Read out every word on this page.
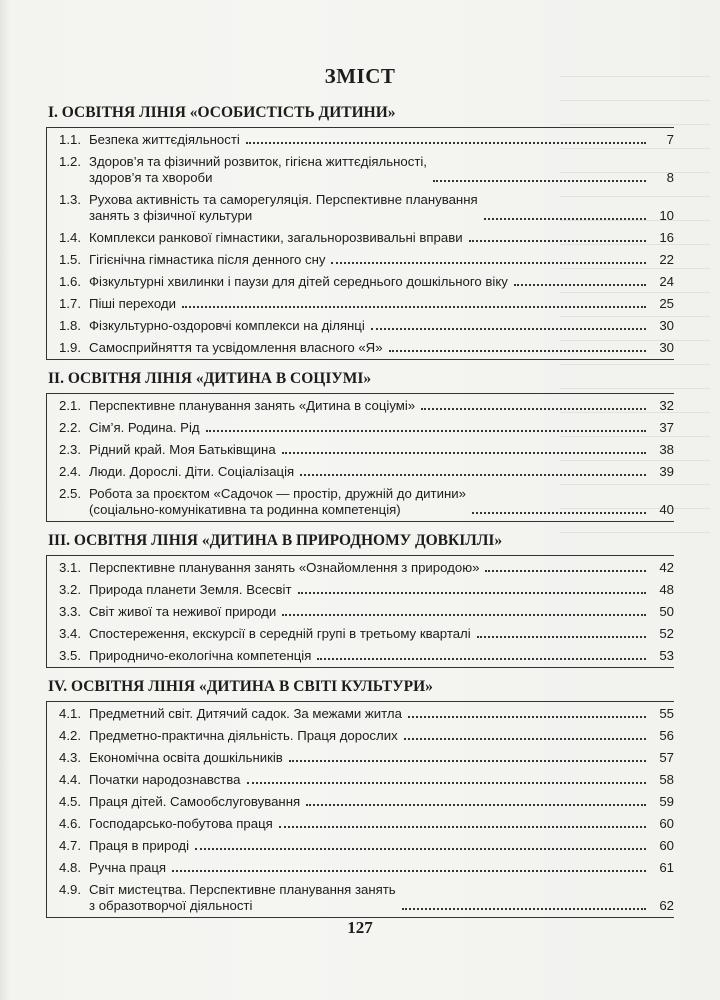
ЗМІСТ
I. ОСВІТНЯ ЛІНІЯ «ОСОБИСТІСТЬ ДИТИНИ»
1.1. Безпека життєдіяльності	7
1.2. Здоров’я та фізичний розвиток, гігієна життєдіяльності,
здоров’я та хвороби	8
1.3. Рухова активність та саморегуляція. Перспективне планування
занять з фізичної культури	10
1.4. Комплекси ранкової гімнастики, загальнорозвивальні вправи	16
1.5. Гігієнічна гімнастика після денного сну	22
1.6. Фізкультурні хвилинки і паузи для дітей середнього дошкільного віку	24
1.7. Піші переходи	25
1.8. Фізкультурно-оздоровчі комплекси на ділянці	30
1.9. Самосприйняття та усвідомлення власного «Я»	30
II. ОСВІТНЯ ЛІНІЯ «ДИТИНА В СОЦІУМІ»
2.1. Перспективне планування занять «Дитина в соціумі»	32
2.2. Сім’я. Родина. Рід	37
2.3. Рідний край. Моя Батьківщина	38
2.4. Люди. Дорослі. Діти. Соціалізація	39
2.5. Робота за проєктом «Садочок — простір, дружній до дитини»
(соціально-комунікативна та родинна компетенція)	40
III. ОСВІТНЯ ЛІНІЯ «ДИТИНА В ПРИРОДНОМУ ДОВКІЛЛІ»
3.1. Перспективне планування занять «Ознайомлення з природою»	42
3.2. Природа планети Земля. Всесвіт	48
3.3. Світ живої та неживої природи	50
3.4. Спостереження, екскурсії в середній групі в третьому кварталі	52
3.5. Природничо-екологічна компетенція	53
IV. ОСВІТНЯ ЛІНІЯ «ДИТИНА В СВІТІ КУЛЬТУРИ»
4.1. Предметний світ. Дитячий садок. За межами житла	55
4.2. Предметно-практична діяльність. Праця дорослих	56
4.3. Економічна освіта дошкільників	57
4.4. Початки народознавства	58
4.5. Праця дітей. Самообслуговування	59
4.6. Господарсько-побутова праця	60
4.7. Праця в природі	60
4.8. Ручна праця	61
4.9. Світ мистецтва. Перспективне планування занять
з образотворчої діяльності	62
127
